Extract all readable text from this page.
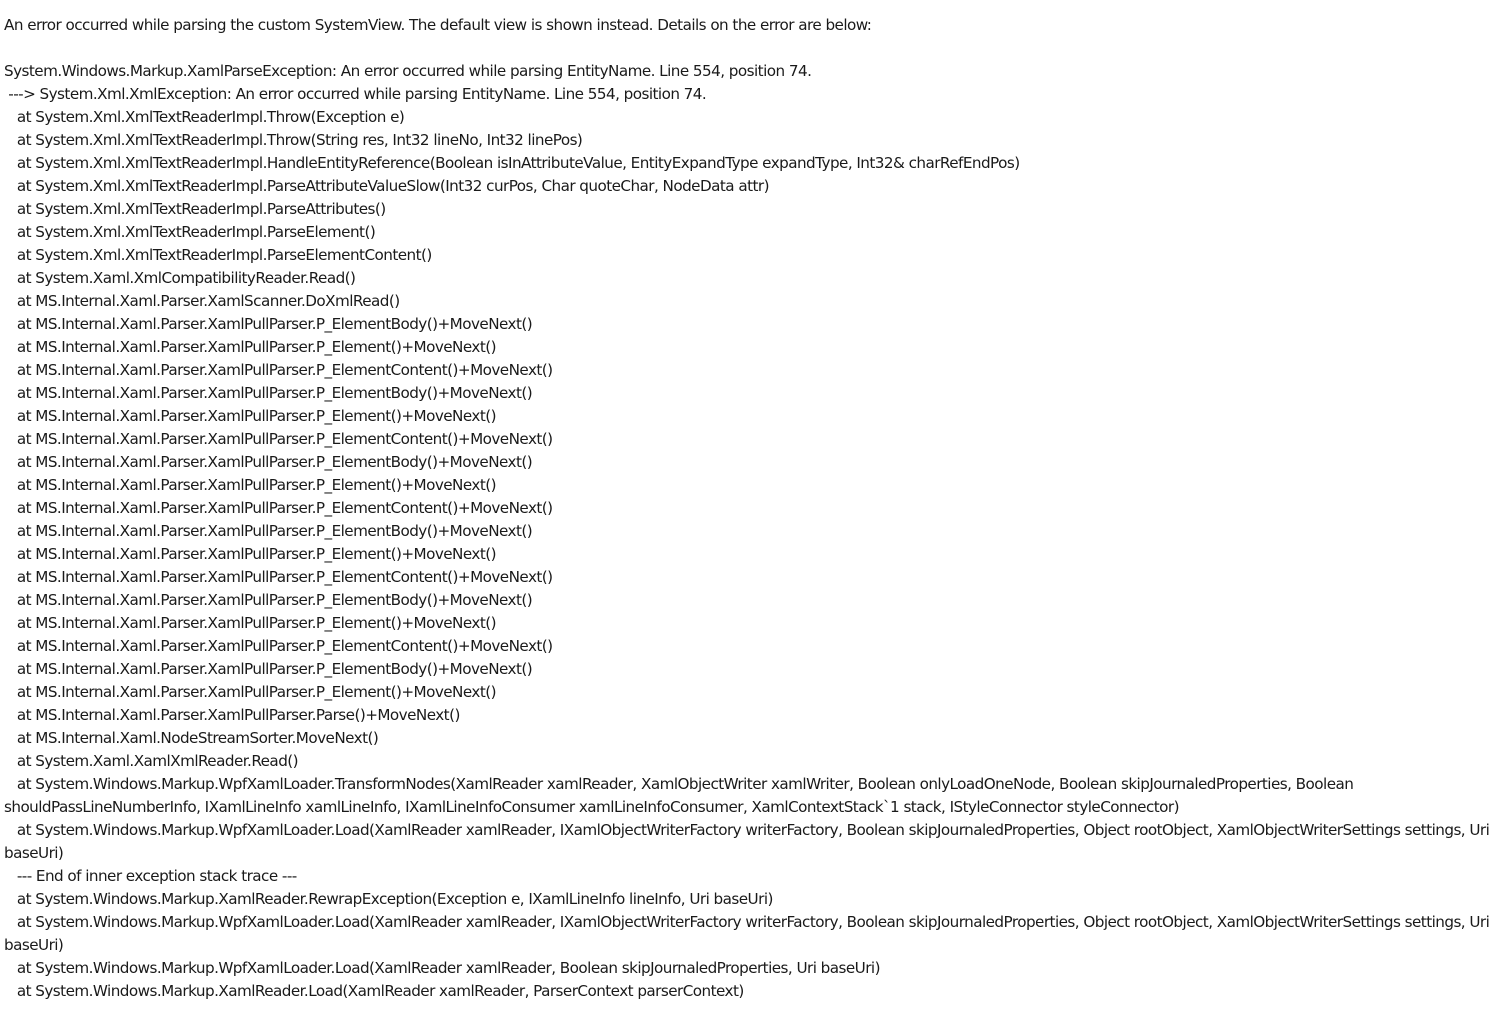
An error occurred while parsing the custom SystemView. The default view is shown instead. Details on the error are below:
System.Windows.Markup.XamlParseException: An error occurred while parsing EntityName. Line 554, position 74.
---> System.Xml.XmlException: An error occurred while parsing EntityName. Line 554, position 74.
at System.Xml.XmlTextReaderImpl.Throw(Exception e)
at System.Xml.XmlTextReaderImpl.Throw(String res, Int32 lineNo, Int32 linePos)
at System.Xml.XmlTextReaderImpl.HandleEntityReference(Boolean isInAttributeValue, EntityExpandType expandType, Int32& charRefEndPos)
at System.Xml.XmlTextReaderImpl.ParseAttributeValueSlow(Int32 curPos, Char quoteChar, NodeData attr)
at System.Xml.XmlTextReaderImpl.ParseAttributes()
at System.Xml.XmlTextReaderImpl.ParseElement()
at System.Xml.XmlTextReaderImpl.ParseElementContent()
at System.Xaml.XmlCompatibilityReader.Read()
at MS.Internal.Xaml.Parser.XamlScanner.DoXmlRead()
at MS.Internal.Xaml.Parser.XamlPullParser.P_ElementBody()+MoveNext()
at MS.Internal.Xaml.Parser.XamlPullParser.P_Element()+MoveNext()
at MS.Internal.Xaml.Parser.XamlPullParser.P_ElementContent()+MoveNext()
at MS.Internal.Xaml.Parser.XamlPullParser.P_ElementBody()+MoveNext()
at MS.Internal.Xaml.Parser.XamlPullParser.P_Element()+MoveNext()
at MS.Internal.Xaml.Parser.XamlPullParser.P_ElementContent()+MoveNext()
at MS.Internal.Xaml.Parser.XamlPullParser.P_ElementBody()+MoveNext()
at MS.Internal.Xaml.Parser.XamlPullParser.P_Element()+MoveNext()
at MS.Internal.Xaml.Parser.XamlPullParser.P_ElementContent()+MoveNext()
at MS.Internal.Xaml.Parser.XamlPullParser.P_ElementBody()+MoveNext()
at MS.Internal.Xaml.Parser.XamlPullParser.P_Element()+MoveNext()
at MS.Internal.Xaml.Parser.XamlPullParser.P_ElementContent()+MoveNext()
at MS.Internal.Xaml.Parser.XamlPullParser.P_ElementBody()+MoveNext()
at MS.Internal.Xaml.Parser.XamlPullParser.P_Element()+MoveNext()
at MS.Internal.Xaml.Parser.XamlPullParser.P_ElementContent()+MoveNext()
at MS.Internal.Xaml.Parser.XamlPullParser.P_ElementBody()+MoveNext()
at MS.Internal.Xaml.Parser.XamlPullParser.P_Element()+MoveNext()
at MS.Internal.Xaml.Parser.XamlPullParser.Parse()+MoveNext()
at MS.Internal.Xaml.NodeStreamSorter.MoveNext()
at System.Xaml.XamlXmlReader.Read()
at System.Windows.Markup.WpfXamlLoader.TransformNodes(XamlReader xamlReader, XamlObjectWriter xamlWriter, Boolean onlyLoadOneNode, Boolean skipJournaledProperties, Boolean shouldPassLineNumberInfo, IXamlLineInfo xamlLineInfo, IXamlLineInfoConsumer xamlLineInfoConsumer, XamlContextStack`1 stack, IStyleConnector styleConnector)
at System.Windows.Markup.WpfXamlLoader.Load(XamlReader xamlReader, IXamlObjectWriterFactory writerFactory, Boolean skipJournaledProperties, Object rootObject, XamlObjectWriterSettings settings, Uri baseUri)
--- End of inner exception stack trace ---
at System.Windows.Markup.XamlReader.RewrapException(Exception e, IXamlLineInfo lineInfo, Uri baseUri)
at System.Windows.Markup.WpfXamlLoader.Load(XamlReader xamlReader, IXamlObjectWriterFactory writerFactory, Boolean skipJournaledProperties, Object rootObject, XamlObjectWriterSettings settings, Uri baseUri)
at System.Windows.Markup.WpfXamlLoader.Load(XamlReader xamlReader, Boolean skipJournaledProperties, Uri baseUri)
at System.Windows.Markup.XamlReader.Load(XamlReader xamlReader, ParserContext parserContext)
